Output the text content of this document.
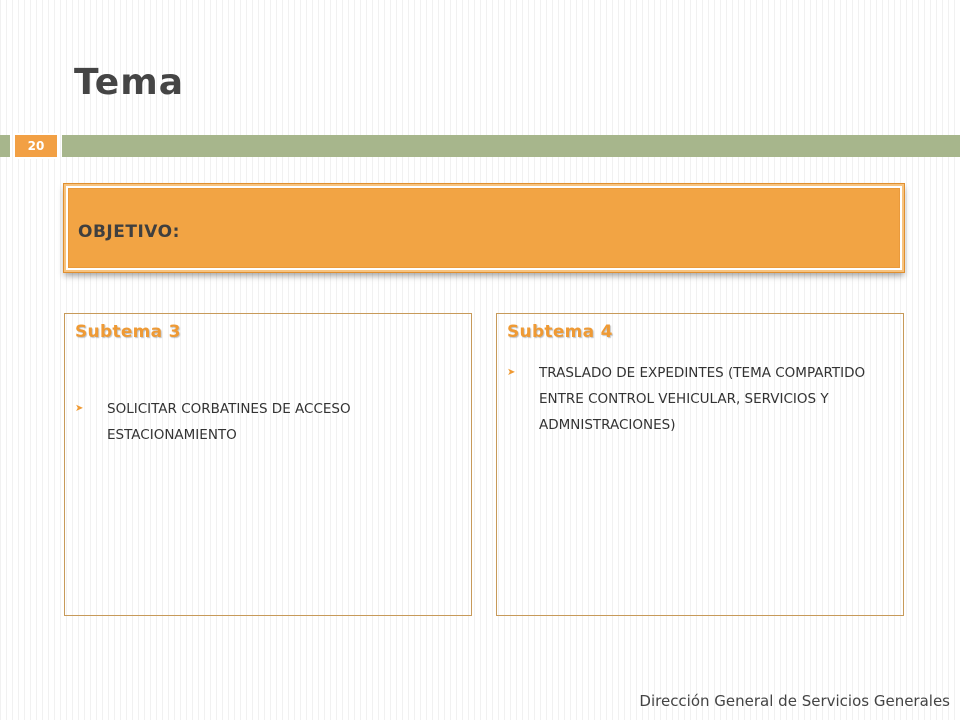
Tema
20
OBJETIVO:
Subtema 3
➤	SOLICITAR CORBATINES DE ACCESO ESTACIONAMIENTO
Subtema 4
➤	TRASLADO DE EXPEDINTES (TEMA COMPARTIDO ENTRE CONTROL VEHICULAR, SERVICIOS Y ADMNISTRACIONES)
Dirección General de Servicios Generales
